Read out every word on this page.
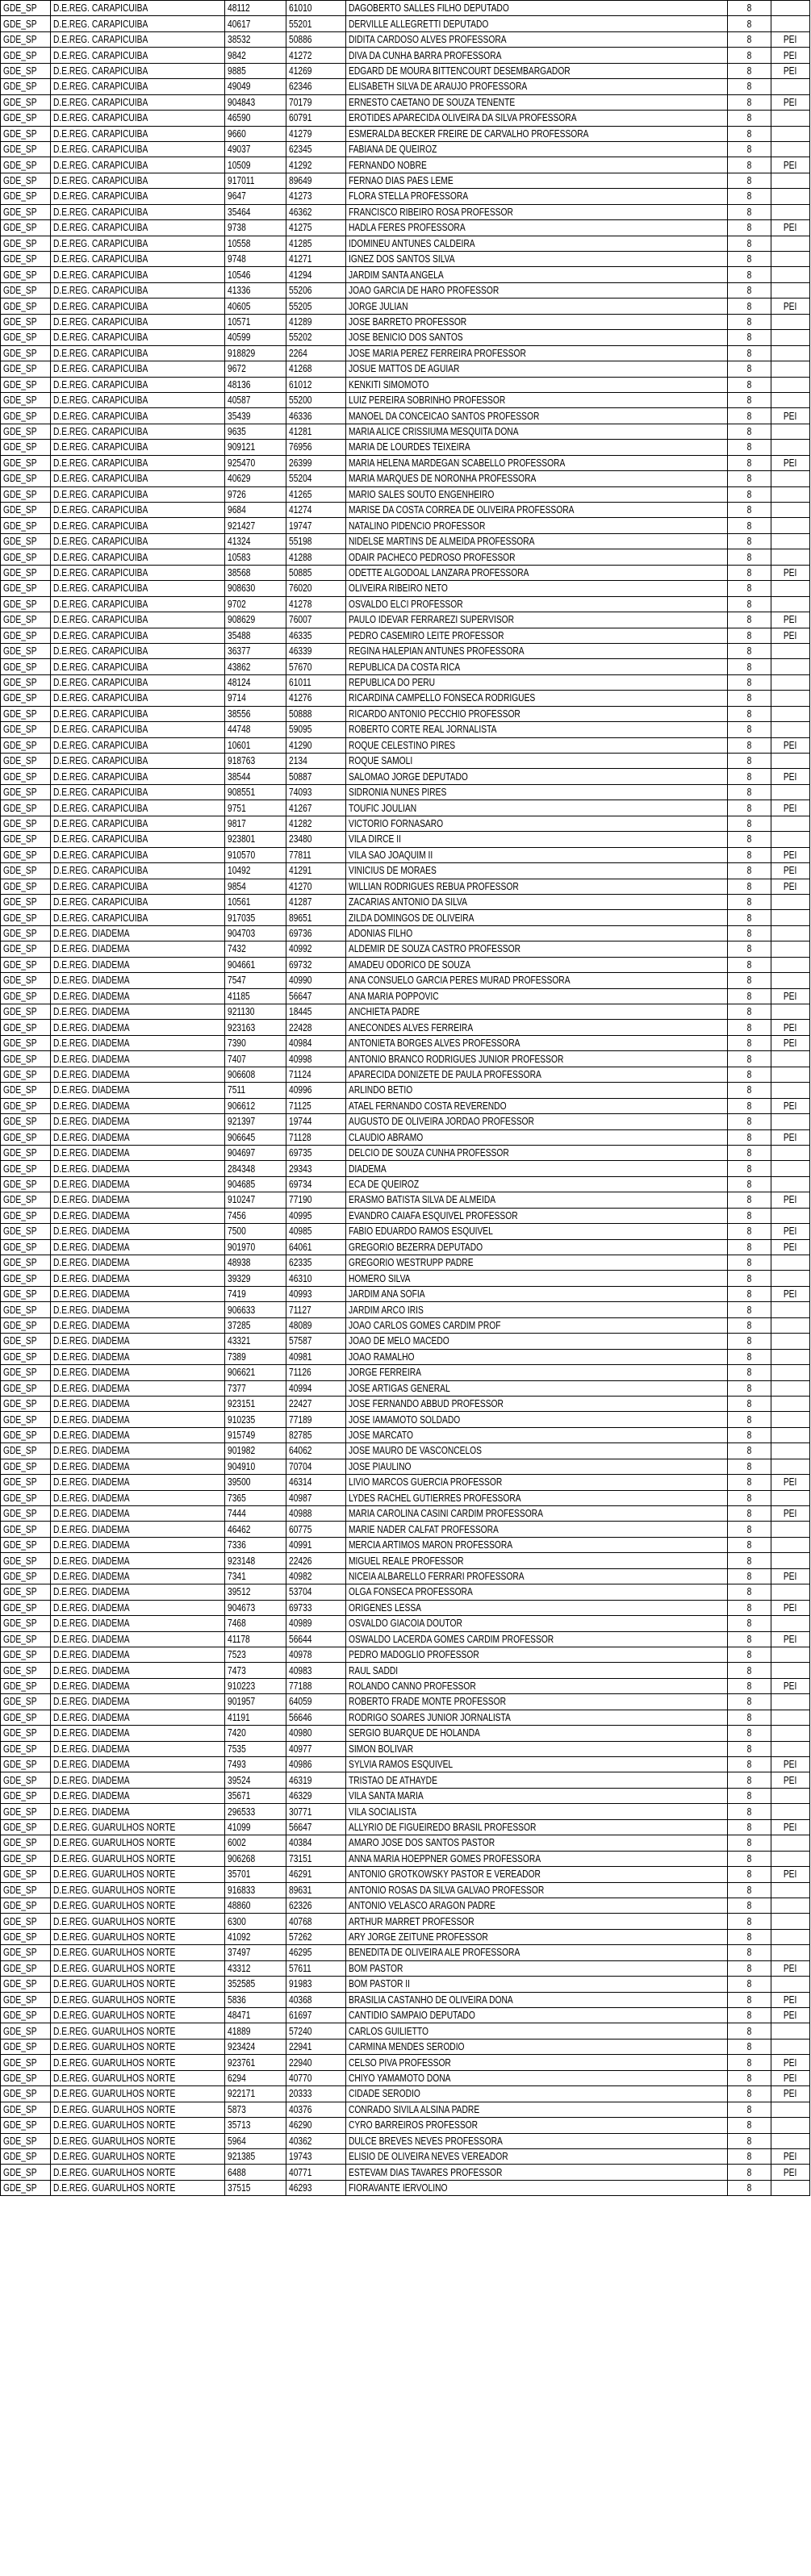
GDE_SP	D.E.REG. CARAPICUIBA	48112	61010	DAGOBERTO SALLES FILHO DEPUTADO	8	
GDE_SP	D.E.REG. CARAPICUIBA	40617	55201	DERVILLE ALLEGRETTI DEPUTADO	8	
GDE_SP	D.E.REG. CARAPICUIBA	38532	50886	DIDITA CARDOSO ALVES PROFESSORA	8	PEI
GDE_SP	D.E.REG. CARAPICUIBA	9842	41272	DIVA DA CUNHA BARRA PROFESSORA	8	PEI
GDE_SP	D.E.REG. CARAPICUIBA	9885	41269	EDGARD DE MOURA BITTENCOURT DESEMBARGADOR	8	PEI
GDE_SP	D.E.REG. CARAPICUIBA	49049	62346	ELISABETH SILVA DE ARAUJO PROFESSORA	8	
GDE_SP	D.E.REG. CARAPICUIBA	904843	70179	ERNESTO CAETANO DE SOUZA TENENTE	8	PEI
GDE_SP	D.E.REG. CARAPICUIBA	46590	60791	EROTIDES APARECIDA OLIVEIRA DA SILVA PROFESSORA	8	
GDE_SP	D.E.REG. CARAPICUIBA	9660	41279	ESMERALDA BECKER FREIRE DE CARVALHO PROFESSORA	8	
GDE_SP	D.E.REG. CARAPICUIBA	49037	62345	FABIANA DE QUEIROZ	8	
GDE_SP	D.E.REG. CARAPICUIBA	10509	41292	FERNANDO NOBRE	8	PEI
GDE_SP	D.E.REG. CARAPICUIBA	917011	89649	FERNAO DIAS PAES LEME	8	
GDE_SP	D.E.REG. CARAPICUIBA	9647	41273	FLORA STELLA PROFESSORA	8	
GDE_SP	D.E.REG. CARAPICUIBA	35464	46362	FRANCISCO RIBEIRO ROSA PROFESSOR	8	
GDE_SP	D.E.REG. CARAPICUIBA	9738	41275	HADLA FERES PROFESSORA	8	PEI
GDE_SP	D.E.REG. CARAPICUIBA	10558	41285	IDOMINEU ANTUNES CALDEIRA	8	
GDE_SP	D.E.REG. CARAPICUIBA	9748	41271	IGNEZ DOS SANTOS SILVA	8	
GDE_SP	D.E.REG. CARAPICUIBA	10546	41294	JARDIM SANTA ANGELA	8	
GDE_SP	D.E.REG. CARAPICUIBA	41336	55206	JOAO GARCIA DE HARO PROFESSOR	8	
GDE_SP	D.E.REG. CARAPICUIBA	40605	55205	JORGE JULIAN	8	PEI
GDE_SP	D.E.REG. CARAPICUIBA	10571	41289	JOSE BARRETO PROFESSOR	8	
GDE_SP	D.E.REG. CARAPICUIBA	40599	55202	JOSE BENICIO DOS SANTOS	8	
GDE_SP	D.E.REG. CARAPICUIBA	918829	2264	JOSE MARIA PEREZ FERREIRA PROFESSOR	8	
GDE_SP	D.E.REG. CARAPICUIBA	9672	41268	JOSUE MATTOS DE AGUIAR	8	
GDE_SP	D.E.REG. CARAPICUIBA	48136	61012	KENKITI SIMOMOTO	8	
GDE_SP	D.E.REG. CARAPICUIBA	40587	55200	LUIZ PEREIRA SOBRINHO PROFESSOR	8	
GDE_SP	D.E.REG. CARAPICUIBA	35439	46336	MANOEL DA CONCEICAO SANTOS PROFESSOR	8	PEI
GDE_SP	D.E.REG. CARAPICUIBA	9635	41281	MARIA ALICE CRISSIUMA MESQUITA DONA	8	
GDE_SP	D.E.REG. CARAPICUIBA	909121	76956	MARIA DE LOURDES TEIXEIRA	8	
GDE_SP	D.E.REG. CARAPICUIBA	925470	26399	MARIA HELENA MARDEGAN SCABELLO PROFESSORA	8	PEI
GDE_SP	D.E.REG. CARAPICUIBA	40629	55204	MARIA MARQUES DE NORONHA PROFESSORA	8	
GDE_SP	D.E.REG. CARAPICUIBA	9726	41265	MARIO SALES SOUTO ENGENHEIRO	8	
GDE_SP	D.E.REG. CARAPICUIBA	9684	41274	MARISE DA COSTA CORREA DE OLIVEIRA PROFESSORA	8	
GDE_SP	D.E.REG. CARAPICUIBA	921427	19747	NATALINO PIDENCIO PROFESSOR	8	
GDE_SP	D.E.REG. CARAPICUIBA	41324	55198	NIDELSE MARTINS DE ALMEIDA PROFESSORA	8	
GDE_SP	D.E.REG. CARAPICUIBA	10583	41288	ODAIR PACHECO PEDROSO PROFESSOR	8	
GDE_SP	D.E.REG. CARAPICUIBA	38568	50885	ODETTE ALGODOAL LANZARA PROFESSORA	8	PEI
GDE_SP	D.E.REG. CARAPICUIBA	908630	76020	OLIVEIRA RIBEIRO NETO	8	
GDE_SP	D.E.REG. CARAPICUIBA	9702	41278	OSVALDO ELCI PROFESSOR	8	
GDE_SP	D.E.REG. CARAPICUIBA	908629	76007	PAULO IDEVAR FERRAREZI SUPERVISOR	8	PEI
GDE_SP	D.E.REG. CARAPICUIBA	35488	46335	PEDRO CASEMIRO LEITE PROFESSOR	8	PEI
GDE_SP	D.E.REG. CARAPICUIBA	36377	46339	REGINA HALEPIAN ANTUNES PROFESSORA	8	
GDE_SP	D.E.REG. CARAPICUIBA	43862	57670	REPUBLICA DA COSTA RICA	8	
GDE_SP	D.E.REG. CARAPICUIBA	48124	61011	REPUBLICA DO PERU	8	
GDE_SP	D.E.REG. CARAPICUIBA	9714	41276	RICARDINA CAMPELLO FONSECA RODRIGUES	8	
GDE_SP	D.E.REG. CARAPICUIBA	38556	50888	RICARDO ANTONIO PECCHIO PROFESSOR	8	
GDE_SP	D.E.REG. CARAPICUIBA	44748	59095	ROBERTO CORTE REAL JORNALISTA	8	
GDE_SP	D.E.REG. CARAPICUIBA	10601	41290	ROQUE CELESTINO PIRES	8	PEI
GDE_SP	D.E.REG. CARAPICUIBA	918763	2134	ROQUE SAMOLI	8	
GDE_SP	D.E.REG. CARAPICUIBA	38544	50887	SALOMAO JORGE DEPUTADO	8	PEI
GDE_SP	D.E.REG. CARAPICUIBA	908551	74093	SIDRONIA NUNES PIRES	8	
GDE_SP	D.E.REG. CARAPICUIBA	9751	41267	TOUFIC JOULIAN	8	PEI
GDE_SP	D.E.REG. CARAPICUIBA	9817	41282	VICTORIO FORNASARO	8	
GDE_SP	D.E.REG. CARAPICUIBA	923801	23480	VILA DIRCE II	8	
GDE_SP	D.E.REG. CARAPICUIBA	910570	77811	VILA SAO JOAQUIM II	8	PEI
GDE_SP	D.E.REG. CARAPICUIBA	10492	41291	VINICIUS DE MORAES	8	PEI
GDE_SP	D.E.REG. CARAPICUIBA	9854	41270	WILLIAN RODRIGUES REBUA PROFESSOR	8	PEI
GDE_SP	D.E.REG. CARAPICUIBA	10561	41287	ZACARIAS ANTONIO DA SILVA	8	
GDE_SP	D.E.REG. CARAPICUIBA	917035	89651	ZILDA DOMINGOS DE OLIVEIRA	8	
GDE_SP	D.E.REG. DIADEMA	904703	69736	ADONIAS FILHO	8	
GDE_SP	D.E.REG. DIADEMA	7432	40992	ALDEMIR DE SOUZA CASTRO PROFESSOR	8	
GDE_SP	D.E.REG. DIADEMA	904661	69732	AMADEU ODORICO DE SOUZA	8	
GDE_SP	D.E.REG. DIADEMA	7547	40990	ANA CONSUELO GARCIA PERES MURAD PROFESSORA	8	
GDE_SP	D.E.REG. DIADEMA	41185	56647	ANA MARIA POPPOVIC	8	PEI
GDE_SP	D.E.REG. DIADEMA	921130	18445	ANCHIETA PADRE	8	
GDE_SP	D.E.REG. DIADEMA	923163	22428	ANECONDES ALVES FERREIRA	8	PEI
GDE_SP	D.E.REG. DIADEMA	7390	40984	ANTONIETA BORGES ALVES PROFESSORA	8	PEI
GDE_SP	D.E.REG. DIADEMA	7407	40998	ANTONIO BRANCO RODRIGUES JUNIOR PROFESSOR	8	
GDE_SP	D.E.REG. DIADEMA	906608	71124	APARECIDA DONIZETE DE PAULA PROFESSORA	8	
GDE_SP	D.E.REG. DIADEMA	7511	40996	ARLINDO BETIO	8	
GDE_SP	D.E.REG. DIADEMA	906612	71125	ATAEL FERNANDO COSTA REVERENDO	8	PEI
GDE_SP	D.E.REG. DIADEMA	921397	19744	AUGUSTO DE OLIVEIRA JORDAO PROFESSOR	8	
GDE_SP	D.E.REG. DIADEMA	906645	71128	CLAUDIO ABRAMO	8	PEI
GDE_SP	D.E.REG. DIADEMA	904697	69735	DELCIO DE SOUZA CUNHA PROFESSOR	8	
GDE_SP	D.E.REG. DIADEMA	284348	29343	DIADEMA	8	
GDE_SP	D.E.REG. DIADEMA	904685	69734	ECA DE QUEIROZ	8	
GDE_SP	D.E.REG. DIADEMA	910247	77190	ERASMO BATISTA SILVA DE ALMEIDA	8	PEI
GDE_SP	D.E.REG. DIADEMA	7456	40995	EVANDRO CAIAFA ESQUIVEL PROFESSOR	8	
GDE_SP	D.E.REG. DIADEMA	7500	40985	FABIO EDUARDO RAMOS ESQUIVEL	8	PEI
GDE_SP	D.E.REG. DIADEMA	901970	64061	GREGORIO BEZERRA DEPUTADO	8	PEI
GDE_SP	D.E.REG. DIADEMA	48938	62335	GREGORIO WESTRUPP PADRE	8	
GDE_SP	D.E.REG. DIADEMA	39329	46310	HOMERO SILVA	8	
GDE_SP	D.E.REG. DIADEMA	7419	40993	JARDIM ANA SOFIA	8	PEI
GDE_SP	D.E.REG. DIADEMA	906633	71127	JARDIM ARCO IRIS	8	
GDE_SP	D.E.REG. DIADEMA	37285	48089	JOAO CARLOS GOMES CARDIM PROF	8	
GDE_SP	D.E.REG. DIADEMA	43321	57587	JOAO DE MELO MACEDO	8	
GDE_SP	D.E.REG. DIADEMA	7389	40981	JOAO RAMALHO	8	
GDE_SP	D.E.REG. DIADEMA	906621	71126	JORGE FERREIRA	8	
GDE_SP	D.E.REG. DIADEMA	7377	40994	JOSE ARTIGAS GENERAL	8	
GDE_SP	D.E.REG. DIADEMA	923151	22427	JOSE FERNANDO ABBUD PROFESSOR	8	
GDE_SP	D.E.REG. DIADEMA	910235	77189	JOSE IAMAMOTO SOLDADO	8	
GDE_SP	D.E.REG. DIADEMA	915749	82785	JOSE MARCATO	8	
GDE_SP	D.E.REG. DIADEMA	901982	64062	JOSE MAURO DE VASCONCELOS	8	
GDE_SP	D.E.REG. DIADEMA	904910	70704	JOSE PIAULINO	8	
GDE_SP	D.E.REG. DIADEMA	39500	46314	LIVIO MARCOS GUERCIA PROFESSOR	8	PEI
GDE_SP	D.E.REG. DIADEMA	7365	40987	LYDES RACHEL GUTIERRES PROFESSORA	8	
GDE_SP	D.E.REG. DIADEMA	7444	40988	MARIA CAROLINA CASINI CARDIM PROFESSORA	8	PEI
GDE_SP	D.E.REG. DIADEMA	46462	60775	MARIE NADER CALFAT PROFESSORA	8	
GDE_SP	D.E.REG. DIADEMA	7336	40991	MERCIA ARTIMOS MARON PROFESSORA	8	
GDE_SP	D.E.REG. DIADEMA	923148	22426	MIGUEL REALE PROFESSOR	8	
GDE_SP	D.E.REG. DIADEMA	7341	40982	NICEIA ALBARELLO FERRARI PROFESSORA	8	PEI
GDE_SP	D.E.REG. DIADEMA	39512	53704	OLGA FONSECA PROFESSORA	8	
GDE_SP	D.E.REG. DIADEMA	904673	69733	ORIGENES LESSA	8	PEI
GDE_SP	D.E.REG. DIADEMA	7468	40989	OSVALDO GIACOIA DOUTOR	8	
GDE_SP	D.E.REG. DIADEMA	41178	56644	OSWALDO LACERDA GOMES CARDIM PROFESSOR	8	PEI
GDE_SP	D.E.REG. DIADEMA	7523	40978	PEDRO MADOGLIO PROFESSOR	8	
GDE_SP	D.E.REG. DIADEMA	7473	40983	RAUL SADDI	8	
GDE_SP	D.E.REG. DIADEMA	910223	77188	ROLANDO CANNO PROFESSOR	8	PEI
GDE_SP	D.E.REG. DIADEMA	901957	64059	ROBERTO FRADE MONTE PROFESSOR	8	
GDE_SP	D.E.REG. DIADEMA	41191	56646	RODRIGO SOARES JUNIOR JORNALISTA	8	
GDE_SP	D.E.REG. DIADEMA	7420	40980	SERGIO BUARQUE DE HOLANDA	8	
GDE_SP	D.E.REG. DIADEMA	7535	40977	SIMON BOLIVAR	8	
GDE_SP	D.E.REG. DIADEMA	7493	40986	SYLVIA RAMOS ESQUIVEL	8	PEI
GDE_SP	D.E.REG. DIADEMA	39524	46319	TRISTAO DE ATHAYDE	8	PEI
GDE_SP	D.E.REG. DIADEMA	35671	46329	VILA SANTA MARIA	8	
GDE_SP	D.E.REG. DIADEMA	296533	30771	VILA SOCIALISTA	8	
GDE_SP	D.E.REG. GUARULHOS NORTE	41099	56647	ALLYRIO DE FIGUEIREDO BRASIL PROFESSOR	8	PEI
GDE_SP	D.E.REG. GUARULHOS NORTE	6002	40384	AMARO JOSE DOS SANTOS PASTOR	8	
GDE_SP	D.E.REG. GUARULHOS NORTE	906268	73151	ANNA MARIA HOEPPNER GOMES PROFESSORA	8	
GDE_SP	D.E.REG. GUARULHOS NORTE	35701	46291	ANTONIO GROTKOWSKY PASTOR E VEREADOR	8	PEI
GDE_SP	D.E.REG. GUARULHOS NORTE	916833	89631	ANTONIO ROSAS DA SILVA GALVAO PROFESSOR	8	
GDE_SP	D.E.REG. GUARULHOS NORTE	48860	62326	ANTONIO VELASCO ARAGON PADRE	8	
GDE_SP	D.E.REG. GUARULHOS NORTE	6300	40768	ARTHUR MARRET PROFESSOR	8	
GDE_SP	D.E.REG. GUARULHOS NORTE	41092	57262	ARY JORGE ZEITUNE PROFESSOR	8	
GDE_SP	D.E.REG. GUARULHOS NORTE	37497	46295	BENEDITA DE OLIVEIRA ALE PROFESSORA	8	
GDE_SP	D.E.REG. GUARULHOS NORTE	43312	57611	BOM PASTOR	8	PEI
GDE_SP	D.E.REG. GUARULHOS NORTE	352585	91983	BOM PASTOR II	8	
GDE_SP	D.E.REG. GUARULHOS NORTE	5836	40368	BRASILIA CASTANHO DE OLIVEIRA DONA	8	PEI
GDE_SP	D.E.REG. GUARULHOS NORTE	48471	61697	CANTIDIO SAMPAIO DEPUTADO	8	PEI
GDE_SP	D.E.REG. GUARULHOS NORTE	41889	57240	CARLOS GUILIETTO	8	
GDE_SP	D.E.REG. GUARULHOS NORTE	923424	22941	CARMINA MENDES SERODIO	8	
GDE_SP	D.E.REG. GUARULHOS NORTE	923761	22940	CELSO PIVA PROFESSOR	8	PEI
GDE_SP	D.E.REG. GUARULHOS NORTE	6294	40770	CHIYO YAMAMOTO DONA	8	PEI
GDE_SP	D.E.REG. GUARULHOS NORTE	922171	20333	CIDADE SERODIO	8	PEI
GDE_SP	D.E.REG. GUARULHOS NORTE	5873	40376	CONRADO SIVILA ALSINA PADRE	8	
GDE_SP	D.E.REG. GUARULHOS NORTE	35713	46290	CYRO BARREIROS PROFESSOR	8	
GDE_SP	D.E.REG. GUARULHOS NORTE	5964	40362	DULCE BREVES NEVES PROFESSORA	8	
GDE_SP	D.E.REG. GUARULHOS NORTE	921385	19743	ELISIO DE OLIVEIRA NEVES VEREADOR	8	PEI
GDE_SP	D.E.REG. GUARULHOS NORTE	6488	40771	ESTEVAM DIAS TAVARES PROFESSOR	8	PEI
GDE_SP	D.E.REG. GUARULHOS NORTE	37515	46293	FIORAVANTE IERVOLINO	8	
